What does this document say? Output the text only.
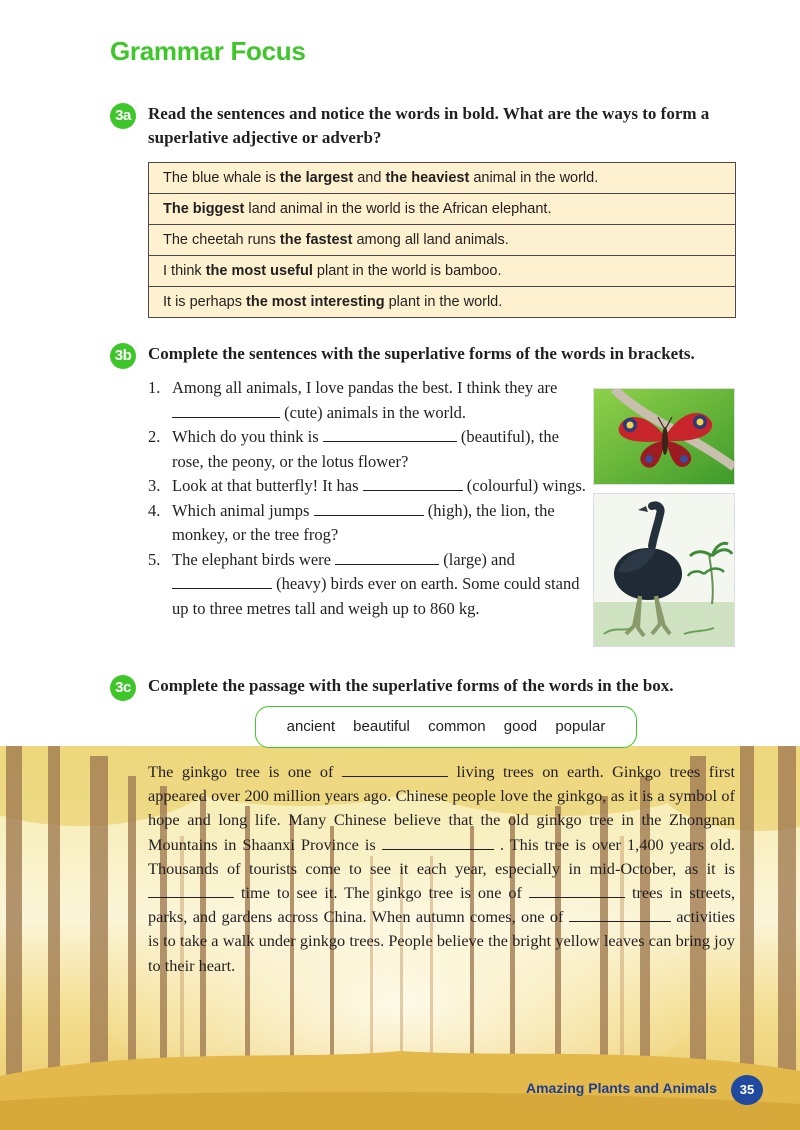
Grammar Focus
3a	Read the sentences and notice the words in bold. What are the ways to form a superlative adjective or adverb?
The blue whale is the largest and the heaviest animal in the world.
The biggest land animal in the world is the African elephant.
The cheetah runs the fastest among all land animals.
I think the most useful plant in the world is bamboo.
It is perhaps the most interesting plant in the world.
3b Complete the sentences with the superlative forms of the words in brackets.
1. Among all animals, I love pandas the best. I think they are  (cute) animals in the world.
2. Which do you think is	(beautiful), the rose, the peony, or the lotus flower?
3. Look at that butterfly! It has	(colourful) wings.
4. Which animal jumps	(high), the lion, the monkey, or the tree frog?
5. The elephant birds were	(large) and  (heavy) birds ever on earth. Some could stand up to three metres tall and weigh up to 860 kg.
3c	Complete the passage with the superlative forms of the words in the box.
ancient beautiful common good popular
The ginkgo tree is one of	living trees on earth. Ginkgo trees first appeared over 200 million years ago. Chinese people love the ginkgo, as it is a symbol of hope and long life. Many Chinese believe that the old ginkgo tree in the Zhongnan Mountains in Shaanxi Province is	. This tree is over 1,400 years old. Thousands of tourists come to see it each year, especially in mid-October, as it is  time to see it. The ginkgo tree is one of	trees in streets, parks, and gardens across China. When autumn comes, one of	activities is to take a walk under ginkgo trees. People believe the bright yellow leaves can bring joy to their heart.
Amazing Plants and Animals	35
